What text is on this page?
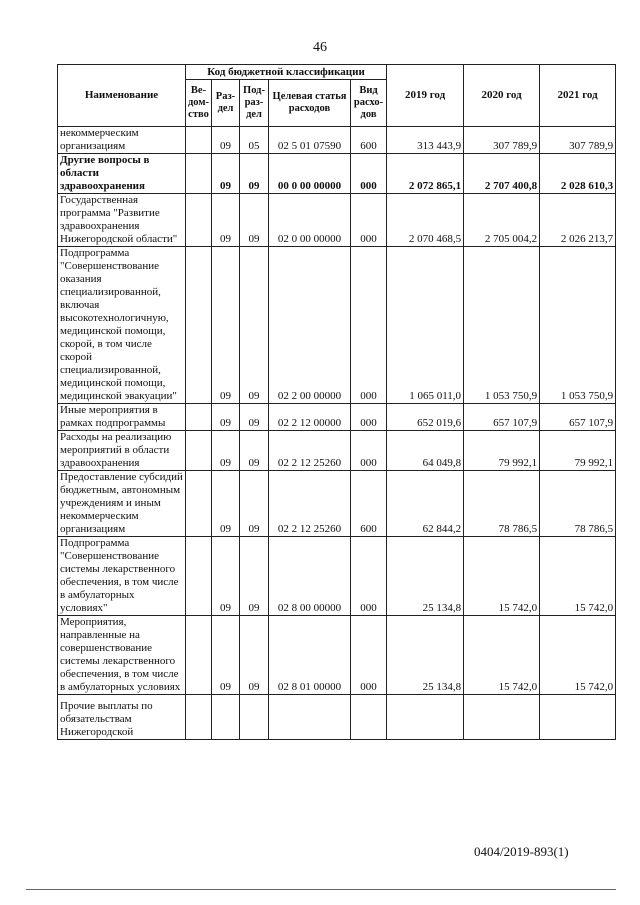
46
Наименование	Код бюджетной классификации					2019 год	2020 год	2021 год
	Ве- дом- ство	Раз- дел	Под- раз- дел	Целевая статья расходов	Вид расхо- дов			
некоммерческим организациям		09	05	02 5 01 07590	600	313 443,9	307 789,9	307 789,9
Другие вопросы в области здравоохранения		09	09	00 0 00 00000	000	2 072 865,1	2 707 400,8	2 028 610,3
Государственная программа "Развитие здравоохранения Нижегородской области"		09	09	02 0 00 00000	000	2 070 468,5	2 705 004,2	2 026 213,7
Подпрограмма "Совершенствование оказания специализированной, включая высокотехнологичную, медицинской помощи, скорой, в том числе скорой специализированной, медицинской помощи, медицинской эвакуации"		09	09	02 2 00 00000	000	1 065 011,0	1 053 750,9	1 053 750,9
Иные мероприятия в рамках подпрограммы		09	09	02 2 12 00000	000	652 019,6	657 107,9	657 107,9
Расходы на реализацию мероприятий в области здравоохранения		09	09	02 2 12 25260	000	64 049,8	79 992,1	79 992,1
Предоставление субсидий бюджетным, автономным учреждениям и иным некоммерческим организациям		09	09	02 2 12 25260	600	62 844,2	78 786,5	78 786,5
Подпрограмма "Совершенствование системы лекарственного обеспечения, в том числе в амбулаторных условиях"		09	09	02 8 00 00000	000	25 134,8	15 742,0	15 742,0
Мероприятия, направленные на совершенствование системы лекарственного обеспечения, в том числе в амбулаторных условиях		09	09	02 8 01 00000	000	25 134,8	15 742,0	15 742,0
Прочие выплаты по обязательствам Нижегородской								
0404/2019-893(1)
